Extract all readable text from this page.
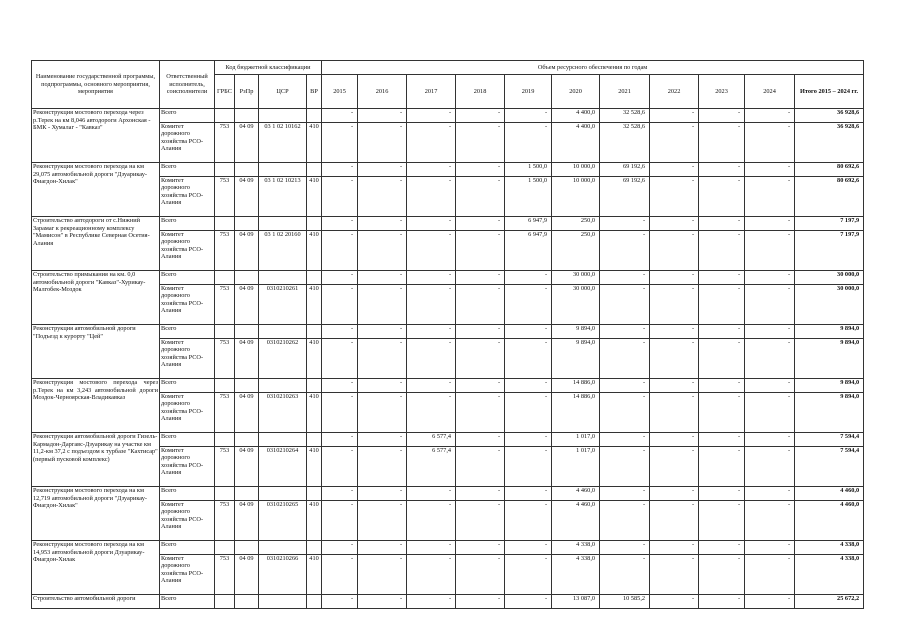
Наименование государственной программы, подпрограммы, основного мероприятия, мероприятия	Ответственный исполнитель, соисполнители	Код бюджетной классификации				Объем ресурсного обеспечения по годам										
		ГРБС	РзПр	ЦСР	ВР	2015	2016	2017	2018	2019	2020	2021	2022	2023	2024	Итого 2015 – 2024 гг.
Реконструкция мостового перехода через р.Терек на км 8,046 автодороги Архонская - БМК - Хумалаг - "Кавказ"	Всего					-	-	-	-	-	4 400,0	32 528,6	-	-	-	36 928,6
	Комитет дорожного хозяйства РСО-Алания	753	04 09	03 1 02 10162	410	-	-	-	-	-	4 400,0	32 528,6	-	-	-	36 928,6
Реконструкция мостового перехода на км 29,075 автомобильной дороги "Дзуарикау-Фиагдон-Хилак"	Всего					-	-	-	-	1 500,0	10 000,0	69 192,6	-	-	-	80 692,6
	Комитет дорожного хозяйства РСО-Алания	753	04 09	03 1 02 10213	410	-	-	-	-	1 500,0	10 000,0	69 192,6	-	-	-	80 692,6
Строительство автодороги от с.Нижний Зарамаг к рекреационному комплексу "Мамисон" в Республике Северная Осетия-Алания	Всего					-	-	-	-	6 947,9	250,0	-	-	-	-	7 197,9
	Комитет дорожного хозяйства РСО-Алания	753	04 09	03 1 02 20160	410	-	-	-	-	6 947,9	250,0	-	-	-	-	7 197,9
Строительство примыкания на км. 0,0 автомобильной дороги "Кавказ"-Хурикау-Малгобек-Моздок	Всего					-	-	-	-	-	30 000,0	-	-	-	-	30 000,0
	Комитет дорожного хозяйства РСО-Алания	753	04 09	0310210261	410	-	-	-	-	-	30 000,0	-	-	-	-	30 000,0
Реконструкция автомобильной дороги "Подъезд к курорту "Цей"	Всего					-	-	-	-	-	9 894,0	-	-	-	-	9 894,0
	Комитет дорожного хозяйства РСО-Алания	753	04 09	0310210262	410	-	-	-	-	-	9 894,0	-	-	-	-	9 894,0
Реконструкция мостового перехода через р.Терек на км 3,243 автомобильной дороги Моздок-Черноярская-Владикавказ	Всего					-	-	-	-	-	14 886,0	-	-	-	-	9 894,0
	Комитет дорожного хозяйства РСО-Алания	753	04 09	0310210263	410	-	-	-	-	-	14 886,0	-	-	-	-	9 894,0
Реконструкция автомобильной дороги Гизель-Кармадон-Даргавс-Дзуарикау на участке км 11,2-км 37,2 с подъездом к турбазе "Кахтисар" (первый пусковой комплекс)	Всего					-	-	6 577,4	-	-	1 017,0	-	-	-	-	7 594,4
	Комитет дорожного хозяйства РСО-Алания	753	04 09	0310210264	410	-	-	6 577,4	-	-	1 017,0	-	-	-	-	7 594,4
Реконструкция мостового перехода на км 12,719 автомобильной дороги "Дзуарикау-Фиагдон-Хилак"	Всего					-	-	-	-	-	4 460,0	-	-	-	-	4 460,0
	Комитет дорожного хозяйства РСО-Алания	753	04 09	0310210265	410	-	-	-	-	-	4 460,0	-	-	-	-	4 460,0
Реконструкция мостового перехода на км 14,953 автомобильной дороги Дзуарикау-Фиагдон-Хилак	Всего					-	-	-	-	-	4 338,0	-	-	-	-	4 338,0
	Комитет дорожного хозяйства РСО-Алания	753	04 09	0310210266	410	-	-	-	-	-	4 338,0	-	-	-	-	4 338,0
Строительство автомобильной дороги	Всего					-	-	-	-	-	13 087,0	10 585,2	-	-	-	25 672,2
